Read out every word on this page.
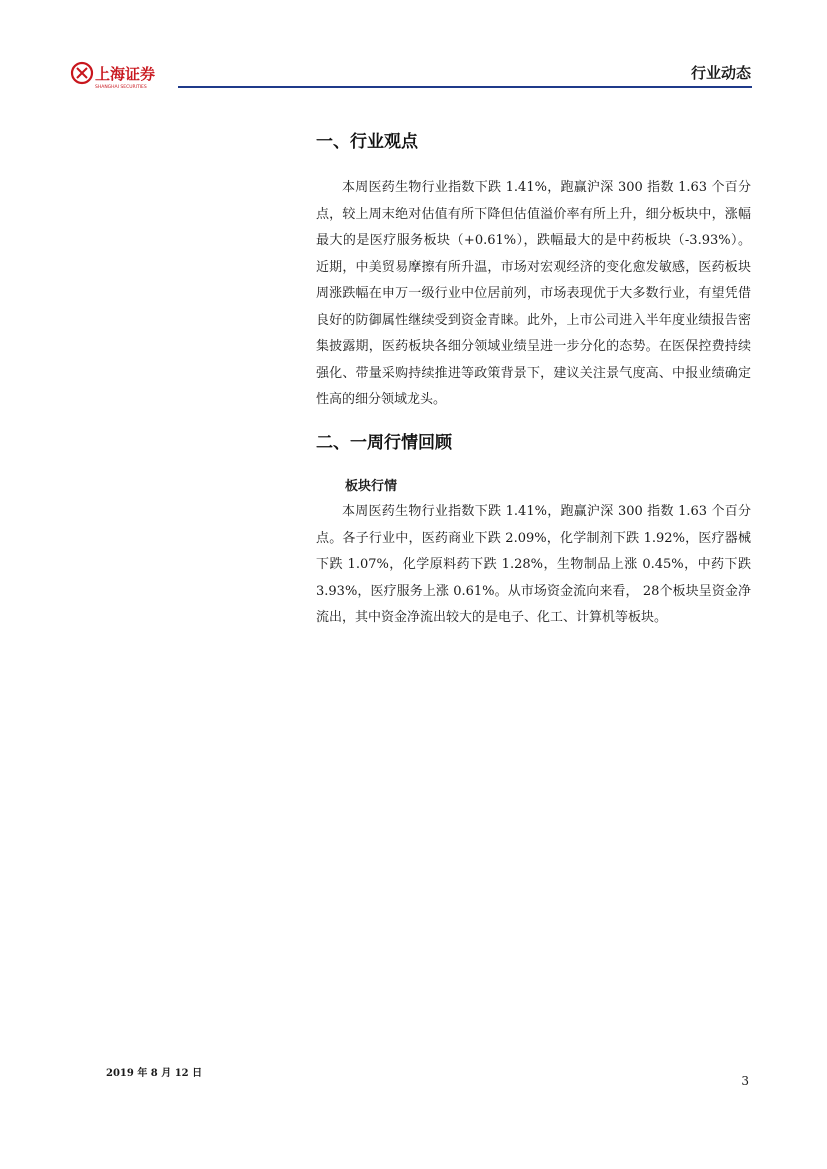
上海证券
SHANGHAI SECURITIES
行业动态
一、行业观点
本周医药生物行业指数下跌 1.41%，跑赢沪深 300 指数 1.63 个百分点，较上周末绝对估值有所下降但估值溢价率有所上升，细分板块中，涨幅最大的是医疗服务板块（+0.61%），跌幅最大的是中药板块（-3.93%）。近期，中美贸易摩擦有所升温，市场对宏观经济的变化愈发敏感，医药板块周涨跌幅在申万一级行业中位居前列，市场表现优于大多数行业，有望凭借良好的防御属性继续受到资金青睐。此外，上市公司进入半年度业绩报告密集披露期，医药板块各细分领域业绩呈进一步分化的态势。在医保控费持续强化、带量采购持续推进等政策背景下，建议关注景气度高、中报业绩确定性高的细分领域龙头。
二、一周行情回顾
板块行情
本周医药生物行业指数下跌 1.41%，跑赢沪深 300 指数 1.63 个百分点。各子行业中，医药商业下跌 2.09%，化学制剂下跌 1.92%，医疗器械下跌 1.07%，化学原料药下跌 1.28%，生物制品上涨 0.45%，中药下跌 3.93%，医疗服务上涨 0.61%。从市场资金流向来看， 28个板块呈资金净流出，其中资金净流出较大的是电子、化工、计算机等板块。
2019 年 8 月 12 日
3
